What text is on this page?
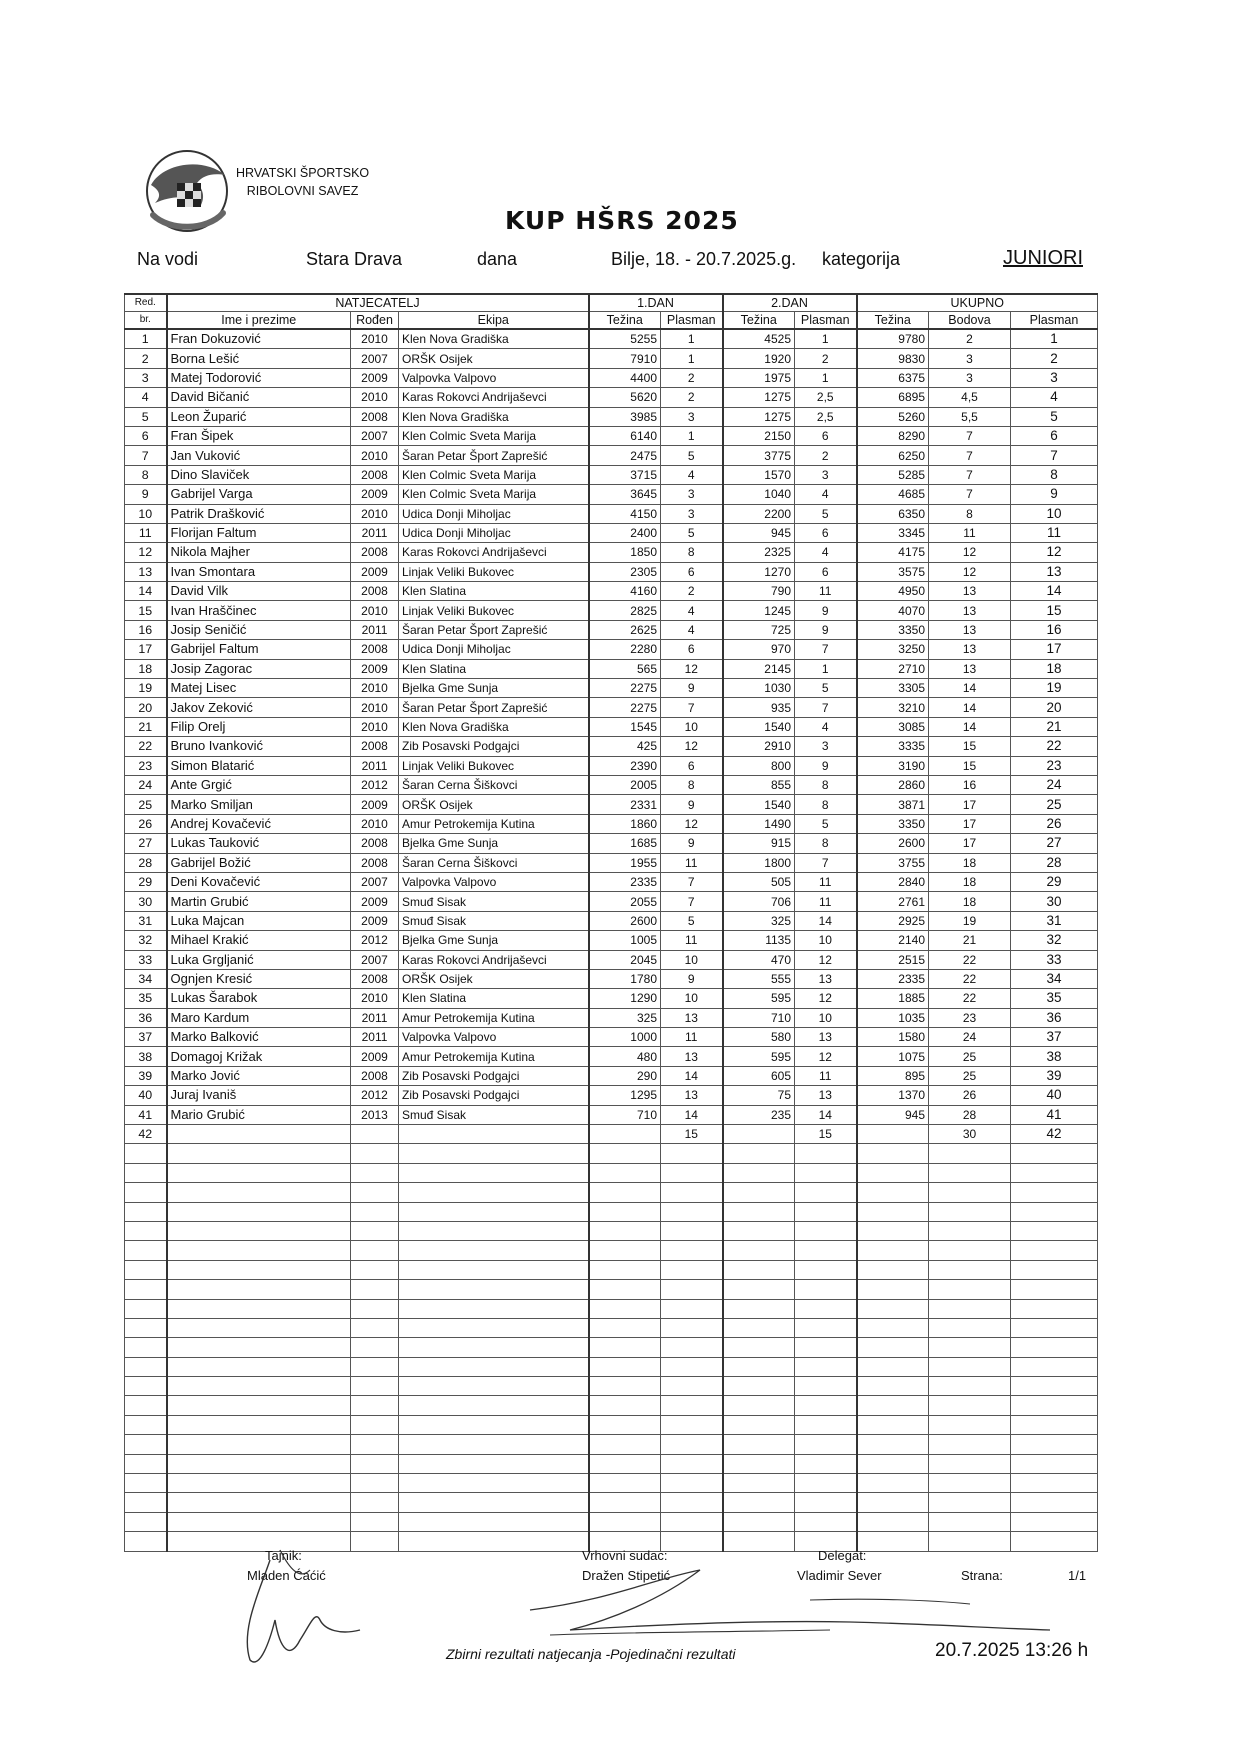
HRVATSKI ŠPORTSKO
RIBOLOVNI SAVEZ
KUP HŠRS 2025
Na vodi	Stara Drava	dana	Bilje, 18. - 20.7.2025.g. kategorija	JUNIORI
Red.	NATJECATELJ			1.DAN		2.DAN		UKUPNO		
br.	Ime i prezime	Rođen	Ekipa	Težina	Plasman	Težina	Plasman	Težina	Bodova	Plasman
1	Fran Dokuzović	2010	Klen Nova Gradiška	5255	1	4525	1	9780	2	1
2	Borna Lešić	2007	ORŠK Osijek	7910	1	1920	2	9830	3	2
3	Matej Todorović	2009	Valpovka Valpovo	4400	2	1975	1	6375	3	3
4	David Bičanić	2010	Karas Rokovci Andrijaševci	5620	2	1275	2,5	6895	4,5	4
5	Leon Župarić	2008	Klen Nova Gradiška	3985	3	1275	2,5	5260	5,5	5
6	Fran Šipek	2007	Klen Colmic Sveta Marija	6140	1	2150	6	8290	7	6
7	Jan Vuković	2010	Šaran Petar Šport Zaprešić	2475	5	3775	2	6250	7	7
8	Dino Slaviček	2008	Klen Colmic Sveta Marija	3715	4	1570	3	5285	7	8
9	Gabrijel Varga	2009	Klen Colmic Sveta Marija	3645	3	1040	4	4685	7	9
10	Patrik Drašković	2010	Udica Donji Miholjac	4150	3	2200	5	6350	8	10
11	Florijan Faltum	2011	Udica Donji Miholjac	2400	5	945	6	3345	11	11
12	Nikola Majher	2008	Karas Rokovci Andrijaševci	1850	8	2325	4	4175	12	12
13	Ivan Smontara	2009	Linjak Veliki Bukovec	2305	6	1270	6	3575	12	13
14	David Vilk	2008	Klen Slatina	4160	2	790	11	4950	13	14
15	Ivan Hraščinec	2010	Linjak Veliki Bukovec	2825	4	1245	9	4070	13	15
16	Josip Seničić	2011	Šaran Petar Šport Zaprešić	2625	4	725	9	3350	13	16
17	Gabrijel Faltum	2008	Udica Donji Miholjac	2280	6	970	7	3250	13	17
18	Josip Zagorac	2009	Klen Slatina	565	12	2145	1	2710	13	18
19	Matej Lisec	2010	Bjelka Gme Sunja	2275	9	1030	5	3305	14	19
20	Jakov Zeković	2010	Šaran Petar Šport Zaprešić	2275	7	935	7	3210	14	20
21	Filip Orelj	2010	Klen Nova Gradiška	1545	10	1540	4	3085	14	21
22	Bruno Ivanković	2008	Zib Posavski Podgajci	425	12	2910	3	3335	15	22
23	Simon Blatarić	2011	Linjak Veliki Bukovec	2390	6	800	9	3190	15	23
24	Ante Grgić	2012	Šaran Cerna Šiškovci	2005	8	855	8	2860	16	24
25	Marko Smiljan	2009	ORŠK Osijek	2331	9	1540	8	3871	17	25
26	Andrej Kovačević	2010	Amur Petrokemija Kutina	1860	12	1490	5	3350	17	26
27	Lukas Tauković	2008	Bjelka Gme Sunja	1685	9	915	8	2600	17	27
28	Gabrijel Božić	2008	Šaran Cerna Šiškovci	1955	11	1800	7	3755	18	28
29	Deni Kovačević	2007	Valpovka Valpovo	2335	7	505	11	2840	18	29
30	Martin Grubić	2009	Smuđ Sisak	2055	7	706	11	2761	18	30
31	Luka Majcan	2009	Smuđ Sisak	2600	5	325	14	2925	19	31
32	Mihael Krakić	2012	Bjelka Gme Sunja	1005	11	1135	10	2140	21	32
33	Luka Grgljanić	2007	Karas Rokovci Andrijaševci	2045	10	470	12	2515	22	33
34	Ognjen Kresić	2008	ORŠK Osijek	1780	9	555	13	2335	22	34
35	Lukas Šarabok	2010	Klen Slatina	1290	10	595	12	1885	22	35
36	Maro Kardum	2011	Amur Petrokemija Kutina	325	13	710	10	1035	23	36
37	Marko Balković	2011	Valpovka Valpovo	1000	11	580	13	1580	24	37
38	Domagoj Križak	2009	Amur Petrokemija Kutina	480	13	595	12	1075	25	38
39	Marko Jović	2008	Zib Posavski Podgajci	290	14	605	11	895	25	39
40	Juraj Ivaniš	2012	Zib Posavski Podgajci	1295	13	75	13	1370	26	40
41	Mario Grubić	2013	Smuđ Sisak	710	14	235	14	945	28	41
42					15		15		30	42

Tajnik:
Mladen Ćaćić
Vrhovni sudac:
Dražen Stipetić
Delegat:
Vladimir Sever	Strana:	1/1
Zbirni rezultati natjecanja -Pojedinačni rezultati	20.7.2025 13:26 h
